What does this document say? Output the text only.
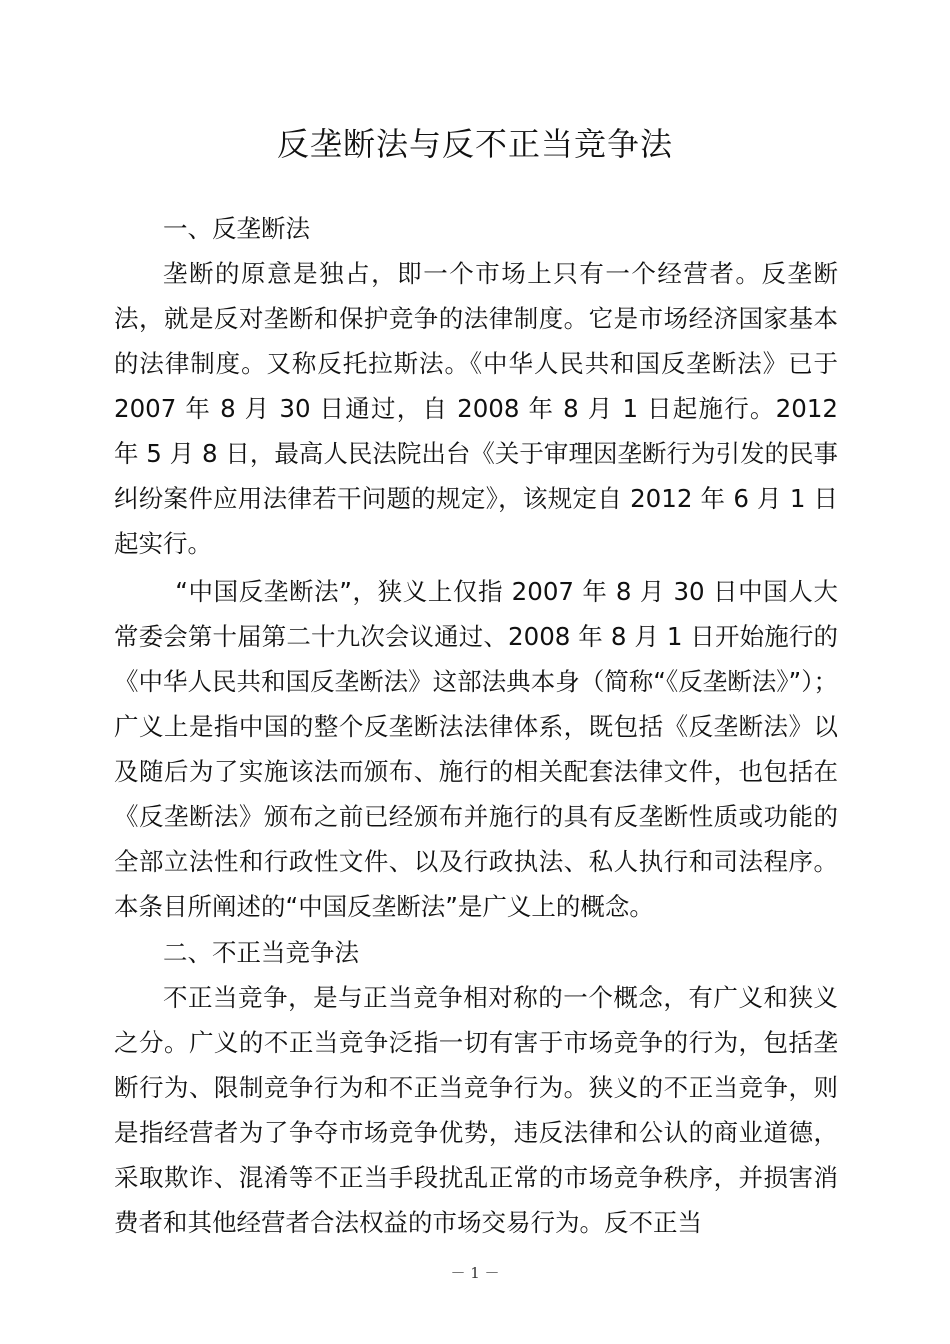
反垄断法与反不正当竞争法

一、反垄断法

垄断的原意是独占，即一个市场上只有一个经营者。反垄断法，就是反对垄断和保护竞争的法律制度。它是市场经济国家基本的法律制度。又称反托拉斯法。《中华人民共和国反垄断法》已于 2007 年 8 月 30 日通过，自 2008 年 8 月 1 日起施行。2012 年 5 月 8 日，最高人民法院出台《关于审理因垄断行为引发的民事纠纷案件应用法律若干问题的规定》，该规定自 2012 年 6 月 1 日起实行。

“中国反垄断法”，狭义上仅指 2007 年 8 月 30 日中国人大常委会第十届第二十九次会议通过、2008 年 8 月 1 日开始施行的《中华人民共和国反垄断法》这部法典本身（简称“《反垄断法》”）；广义上是指中国的整个反垄断法法律体系，既包括《反垄断法》以及随后为了实施该法而颁布、施行的相关配套法律文件，也包括在《反垄断法》颁布之前已经颁布并施行的具有反垄断性质或功能的全部立法性和行政性文件、以及行政执法、私人执行和司法程序。本条目所阐述的“中国反垄断法”是广义上的概念。

二、不正当竞争法

不正当竞争，是与正当竞争相对称的一个概念，有广义和狭义之分。广义的不正当竞争泛指一切有害于市场竞争的行为，包括垄断行为、限制竞争行为和不正当竞争行为。狭义的不正当竞争，则是指经营者为了争夺市场竞争优势，违反法律和公认的商业道德，采取欺诈、混淆等不正当手段扰乱正常的市场竞争秩序，并损害消费者和其他经营者合法权益的市场交易行为。反不正当

－ 1 －
